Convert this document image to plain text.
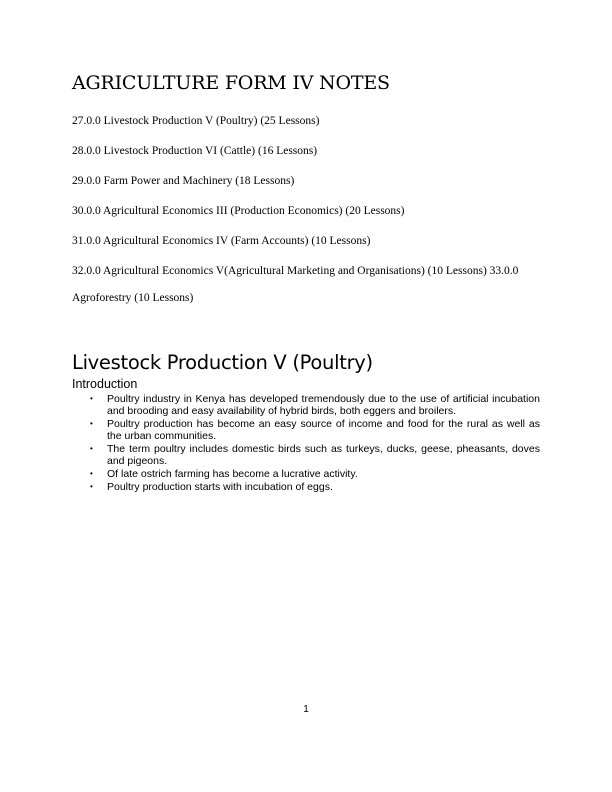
AGRICULTURE FORM IV NOTES

27.0.0 Livestock Production V (Poultry) (25 Lessons)

28.0.0 Livestock Production VI (Cattle) (16 Lessons)

29.0.0 Farm Power and Machinery (18 Lessons)

30.0.0 Agricultural Economics III (Production Economics) (20 Lessons)

31.0.0 Agricultural Economics IV (Farm Accounts) (10 Lessons)

32.0.0 Agricultural Economics V(Agricultural Marketing and Organisations) (10 Lessons) 33.0.0 Agroforestry (10 Lessons)

Livestock Production V (Poultry)
Introduction
• Poultry industry in Kenya has developed tremendously due to the use of artificial incubation and brooding and easy availability of hybrid birds, both eggers and broilers.
• Poultry production has become an easy source of income and food for the rural as well as the urban communities.
• The term poultry includes domestic birds such as turkeys, ducks, geese, pheasants, doves and pigeons.
• Of late ostrich farming has become a lucrative activity.
• Poultry production starts with incubation of eggs.
1
